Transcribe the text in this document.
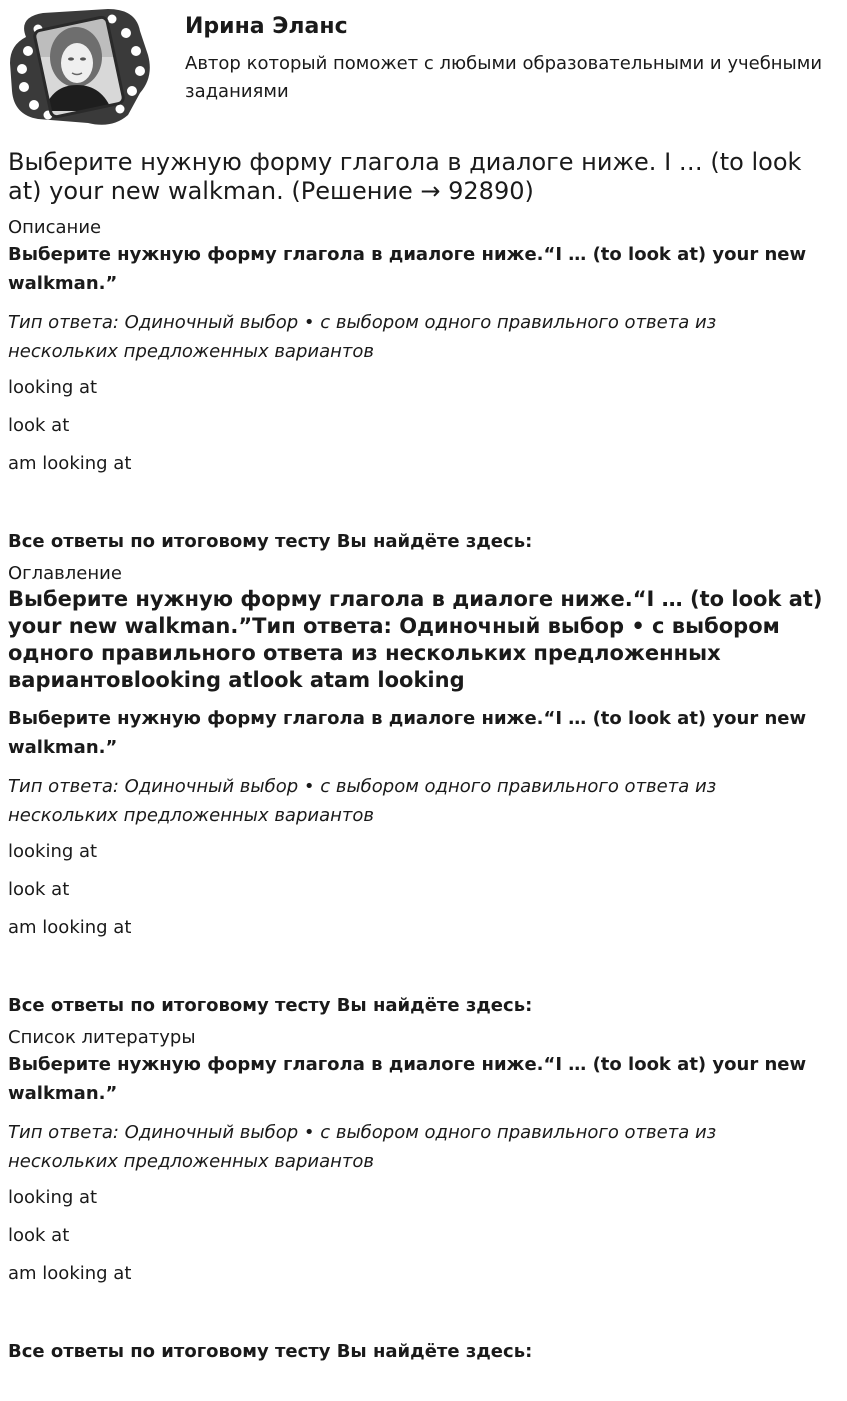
Ирина Эланс
Автор который поможет с любыми образовательными и учебными заданиями
Выберите нужную форму глагола в диалоге ниже. I … (to look at) your new walkman. (Решение → 92890)

Описание

Выберите нужную форму глагола в диалоге ниже.“I … (to look at) your new walkman.”

Тип ответа: Одиночный выбор • с выбором одного правильного ответа из нескольких предложенных вариантов

looking at

look at

am looking at

Все ответы по итоговому тесту Вы найдёте здесь:

Оглавление

Выберите нужную форму глагола в диалоге ниже.“I … (to look at) your new walkman.”Тип ответа: Одиночный выбор • с выбором одного правильного ответа из нескольких предложенных вариантовlooking atlook atam looking

Выберите нужную форму глагола в диалоге ниже.“I … (to look at) your new walkman.”

Тип ответа: Одиночный выбор • с выбором одного правильного ответа из нескольких предложенных вариантов

looking at

look at

am looking at

Все ответы по итоговому тесту Вы найдёте здесь:

Список литературы

Выберите нужную форму глагола в диалоге ниже.“I … (to look at) your new walkman.”

Тип ответа: Одиночный выбор • с выбором одного правильного ответа из нескольких предложенных вариантов

looking at

look at

am looking at

Все ответы по итоговому тесту Вы найдёте здесь:
